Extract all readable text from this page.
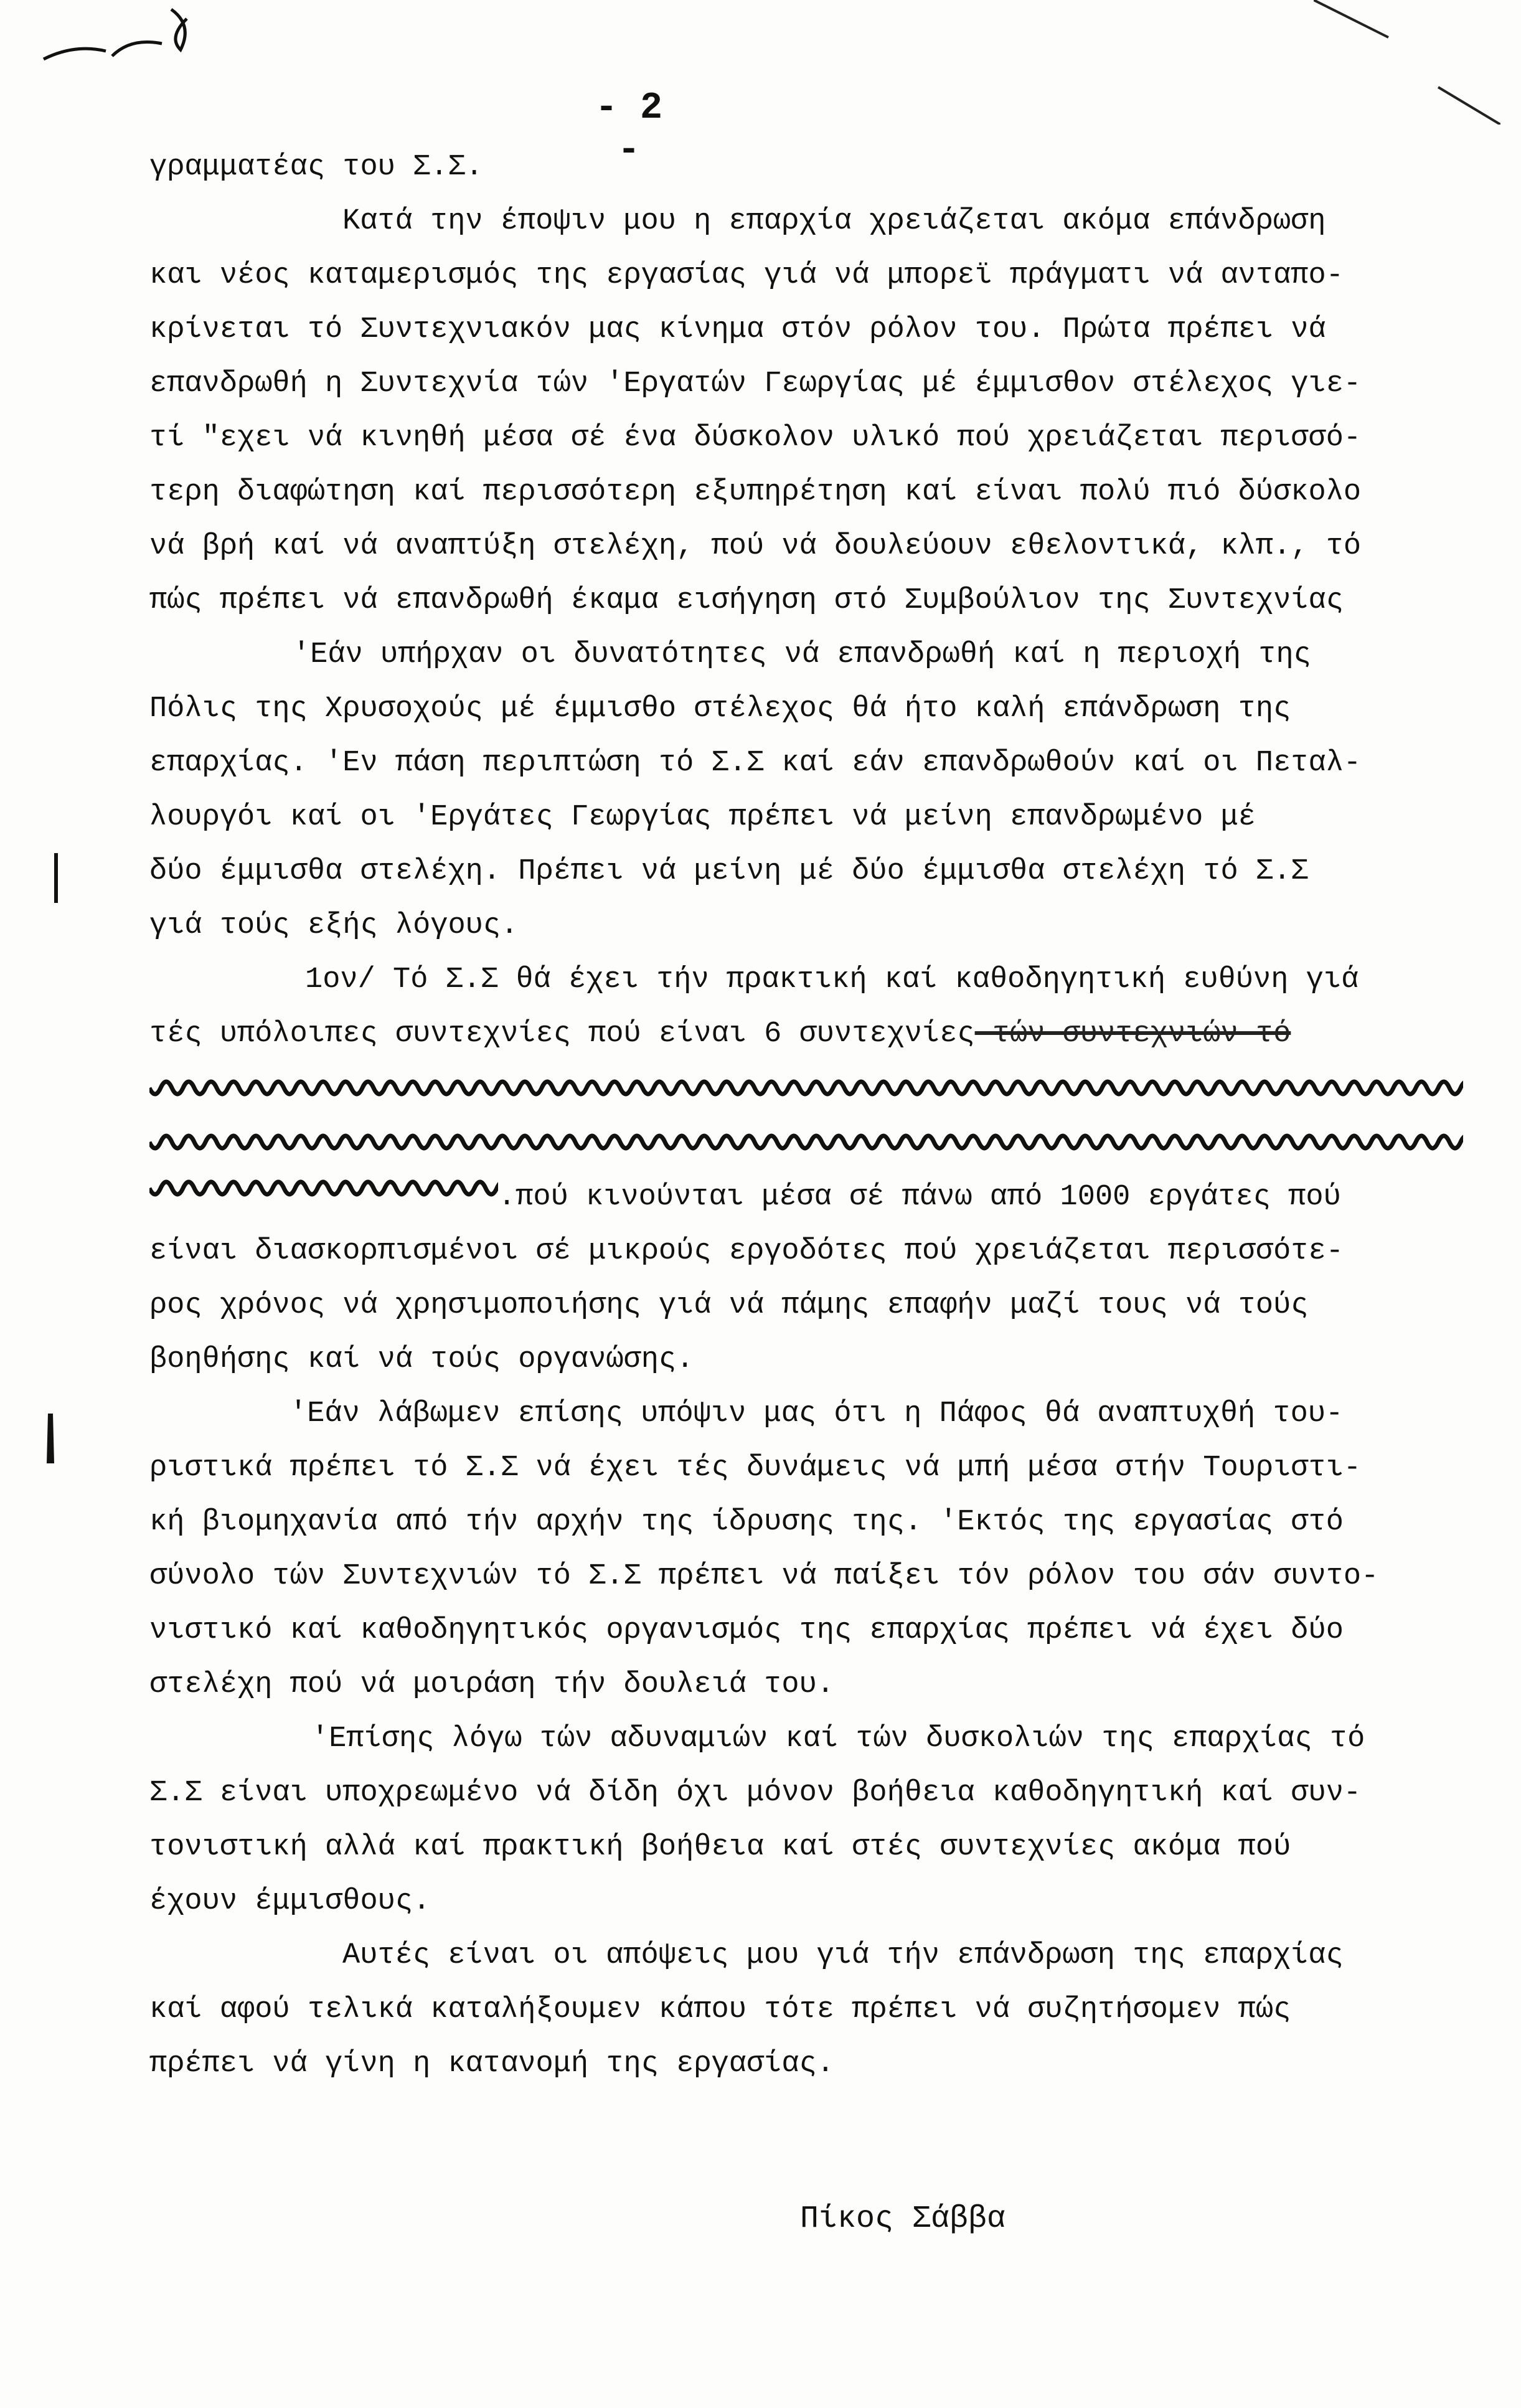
- 2 -
γραμματέας του Σ.Σ.
Κατά την έποψιν μου η επαρχία χρειάζεται ακόμα επάνδρωση
και νέος καταμερισμός της εργασίας γιά νά μπορεϊ πράγματι νά ανταπο-
κρίνεται τό Συντεχνιακόν μας κίνημα στόν ρόλον του. Πρώτα πρέπει νά
επανδρωθή η Συντεχνία τών 'Εργατών Γεωργίας μέ έμμισθον στέλεχος γιε-
τί "εχει νά κινηθή μέσα σέ ένα δύσκολον υλικό πού χρειάζεται περισσό-
τερη διαφώτηση καί περισσότερη εξυπηρέτηση καί είναι πολύ πιό δύσκολο
νά βρή καί νά αναπτύξη στελέχη, πού νά δουλεύουν εθελοντικά, κλπ., τό
πώς πρέπει νά επανδρωθή έκαμα εισήγηση στό Συμβούλιον της Συντεχνίας
'Εάν υπήρχαν οι δυνατότητες νά επανδρωθή καί η περιοχή της
Πόλις της Χρυσοχούς μέ έμμισθο στέλεχος θά ήτο καλή επάνδρωση της
επαρχίας. 'Εν πάση περιπτώση τό Σ.Σ καί εάν επανδρωθούν καί οι Πεταλ-
λουργόι καί οι 'Εργάτες Γεωργίας πρέπει νά μείνη επανδρωμένο μέ
δύο έμμισθα στελέχη. Πρέπει νά μείνη μέ δύο έμμισθα στελέχη τό Σ.Σ
γιά τούς εξής λόγους.
1ον/ Τό Σ.Σ θά έχει τήν πρακτική καί καθοδηγητική ευθύνη γιά
τές υπόλοιπες συντεχνίες πού είναι 6 συντεχνίες τών συντεχνιών τό
.πού κινούνται μέσα σέ πάνω από 1000 εργάτες πού
είναι διασκορπισμένοι σέ μικρούς εργοδότες πού χρειάζεται περισσότε-
ρος χρόνος νά χρησιμοποιήσης γιά νά πάμης επαφήν μαζί τους νά τούς
βοηθήσης καί νά τούς οργανώσης.
'Εάν λάβωμεν επίσης υπόψιν μας ότι η Πάφος θά αναπτυχθή του-
ριστικά πρέπει τό Σ.Σ νά έχει τές δυνάμεις νά μπή μέσα στήν Τουριστι-
κή βιομηχανία από τήν αρχήν της ίδρυσης της. 'Εκτός της εργασίας στό
σύνολο τών Συντεχνιών τό Σ.Σ πρέπει νά παίξει τόν ρόλον του σάν συντο-
νιστικό καί καθοδηγητικός οργανισμός της επαρχίας πρέπει νά έχει δύο
στελέχη πού νά μοιράση τήν δουλειά του.
'Επίσης λόγω τών αδυναμιών καί τών δυσκολιών της επαρχίας τό
Σ.Σ είναι υποχρεωμένο νά δίδη όχι μόνον βοήθεια καθοδηγητική καί συν-
τονιστική αλλά καί πρακτική βοήθεια καί στές συντεχνίες ακόμα πού
έχουν έμμισθους.
Αυτές είναι οι απόψεις μου γιά τήν επάνδρωση της επαρχίας
καί αφού τελικά καταλήξουμεν κάπου τότε πρέπει νά συζητήσομεν πώς
πρέπει νά γίνη η κατανομή της εργασίας.
Πίκος Σάββα
